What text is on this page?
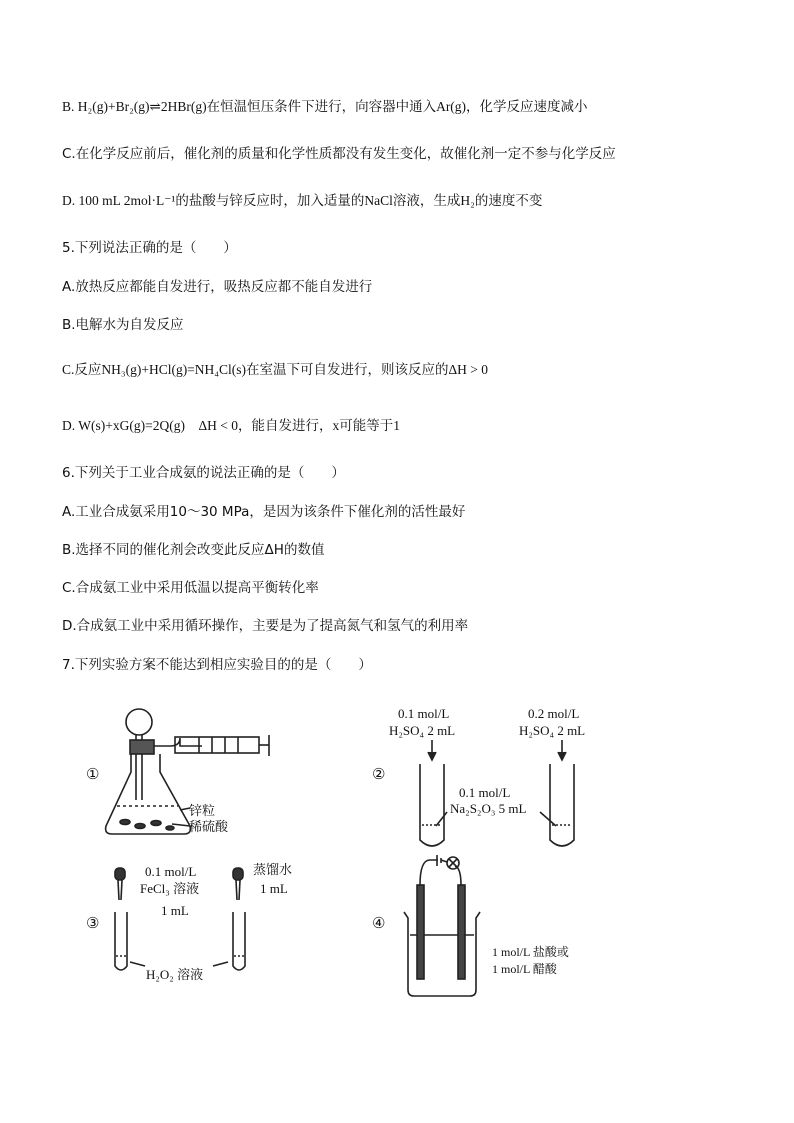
B. H₂(g)+Br₂(g)⇌2HBr(g)在恒温恒压条件下进行，向容器中通入Ar(g)，化学反应速度减小
C.在化学反应前后，催化剂的质量和化学性质都没有发生变化，故催化剂一定不参与化学反应
D. 100 mL 2mol·L⁻¹的盐酸与锌反应时，加入适量的NaCl溶液，生成H₂的速度不变
5.下列说法正确的是（　　）
A.放热反应都能自发进行，吸热反应都不能自发进行
B.电解水为自发反应
C.反应NH₃(g)+HCl(g)=NH₄Cl(s)在室温下可自发进行，则该反应的ΔH > 0
D. W(s)+xG(g)=2Q(g)　ΔH < 0，能自发进行，x可能等于1
6.下列关于工业合成氨的说法正确的是（　　）
A.工业合成氨采用10～30 MPa，是因为该条件下催化剂的活性最好
B.选择不同的催化剂会改变此反应ΔH的数值
C.合成氨工业中采用低温以提高平衡转化率
D.合成氨工业中采用循环操作，主要是为了提高氮气和氢气的利用率
7.下列实验方案不能达到相应实验目的的是（　　）
①
锌粒
稀硫酸
②
0.1 mol/L
H₂SO₄ 2 mL
0.2 mol/L
H₂SO₄ 2 mL
0.1 mol/L
Na₂S₂O₃ 5 mL
③
0.1 mol/L
FeCl₃ 溶液
1 mL
蒸馏水
1 mL
H₂O₂ 溶液
④
1 mol/L 盐酸或
1 mol/L 醋酸
